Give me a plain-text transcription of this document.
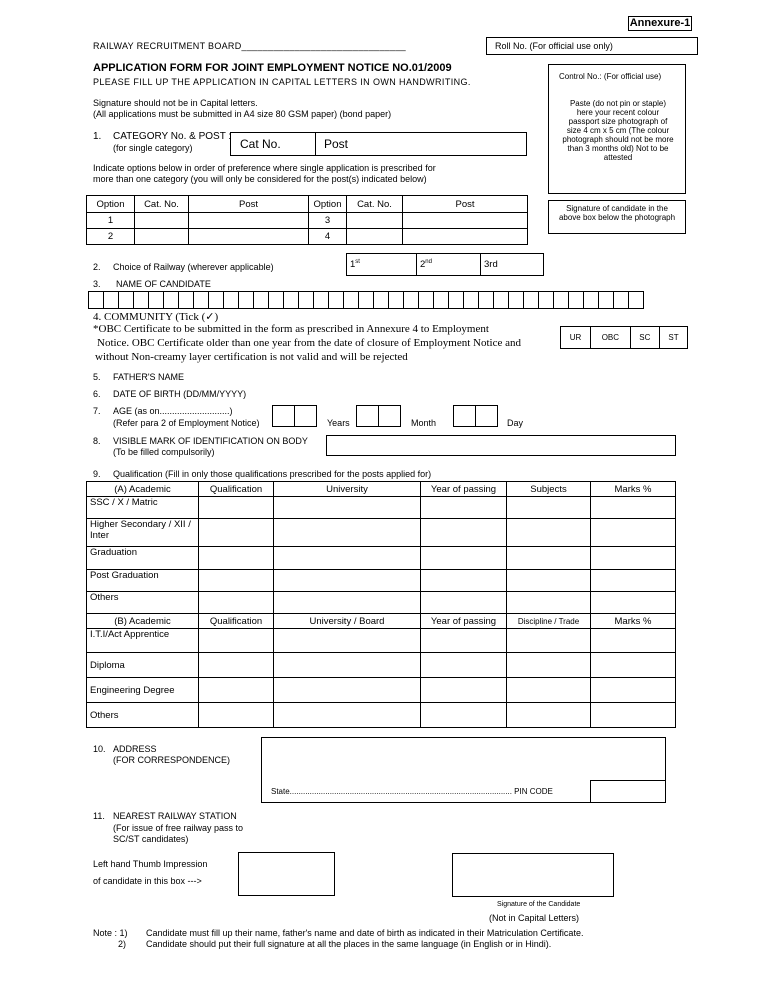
Annexure-1
RAILWAY RECRUITMENT BOARD_______________________________	Roll No. (For official use only)
APPLICATION FORM FOR JOINT EMPLOYMENT NOTICE NO.01/2009
PLEASE FILL UP THE APPLICATION IN CAPITAL LETTERS IN OWN HANDWRITING.
Signature should not be in Capital letters.
(All applications must be submitted in A4 size 80 GSM paper) (bond paper)
Control No.: (For official use)
Paste (do not pin or staple) here your recent colour passport size photograph of size 4 cm x 5 cm (The colour photograph should not be more than 3 months old) Not to be attested
Signature of candidate in the above box below the photograph
1. CATEGORY No. & POST :
(for single category)	Cat No.	Post
Indicate options below in order of preference where single application is prescribed for
more than one category (you will only be considered for the post(s) indicated below)
Option	Cat. No.	Post	Option	Cat. No.	Post
1			3		
2			4		
2. Choice of Railway (wherever applicable)	1st	2nd	3rd
3. NAME OF CANDIDATE
4. COMMUNITY (Tick (✓)
*OBC Certificate to be submitted in the form as prescribed in Annexure 4 to Employment
Notice. OBC Certificate older than one year from the date of closure of Employment Notice and
without Non-creamy layer certification is not valid and will be rejected
UR	OBC	SC	ST
5. FATHER'S NAME
6. DATE OF BIRTH (DD/MM/YYYY)
7. AGE (as on............................)
(Refer para 2 of Employment Notice)	Years	Month	Day
8. VISIBLE MARK OF IDENTIFICATION ON BODY
(To be filled compulsorily)
9. Qualification (Fill in only those qualifications prescribed for the posts applied for)
(A) Academic	Qualification	University	Year of passing	Subjects	Marks %
SSC / X / Matric					
Higher Secondary / XII / Inter					
Graduation					
Post Graduation					
Others					
(B) Academic	Qualification	University / Board	Year of passing	Discipline / Trade	Marks %
I.T.I/Act Apprentice					
Diploma					
Engineering Degree					
Others					
10. ADDRESS
(FOR CORRESPONDENCE)
State.................................................................................................... PIN CODE
11. NEAREST RAILWAY STATION
(For issue of free railway pass to
SC/ST candidates)
Left hand Thumb Impression
of candidate in this box --->
Signature of the Candidate
(Not in Capital Letters)
Note : 1) Candidate must fill up their name, father's name and date of birth as indicated in their Matriculation Certificate.
2) Candidate should put their full signature at all the places in the same language (in English or in Hindi).
